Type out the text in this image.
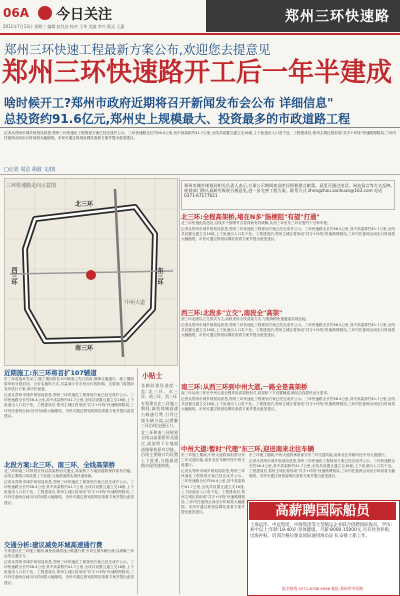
06A 今日关注	郑州三环快速路
2011年7月13日 星期三 编辑 赵其昌 校对 王华 美编 李兴 版式 王惠
郑州三环快速工程最新方案公布,欢迎您去提意见
郑州三环快速路开工后一年半建成
啥时候开工?郑州市政府近期将召开新闻发布会公布 详细信息"
总投资约91.6亿元,郑州史上规模最大、投资最多的市政道路工程
记者从郑州市城乡规划局获悉,郑州三环快速化工程规划方案已经完成并公示。三环快速路全长约56.4公里,其中高架桥约41.7公里,全线共设置互通立交16座,上下匝道出入口若干处。工程建成后,郑州主城区将形成"井字+环线"快速路网格局,三环内任意两点间出行时间将大幅缩短。市民可通过规划局网站查看方案并提出意见建议。
□记者 周洁 胡波 文/图
北三环
东三环
南三环
西三环
中州大道
三环快速路走向示意图	郑州市城乡规划局相关负责人表示,方案公示期间欢迎市民积极建言献策。意见可通过电话、网站留言等方式反映,规划部门将认真研究吸收合理意见,进一步完善工程方案。联系方式 zhengzhou.sanhuan@163.com 电话 0371-67177621

北三环:全程高架桥,堵在N多"肠梗阻"有望"打通"

北三环快速化改造后,沿线多个拥堵节点将得到有效缓解,从西三环至东三环仅需约十分钟车程。

记者从郑州市城乡规划局获悉,郑州三环快速化工程规划方案已经完成并公示。三环快速路全长约56.4公里,其中高架桥约41.7公里,全线共设置互通立交16座,上下匝道出入口若干处。工程建成后,郑州主城区将形成"井字+环线"快速路网格局,三环内任意两点间出行时间将大幅缩短。市民可通过规划局网站查看方案并提出意见建议。

西三环:北段多"立交",南段全"高架"

西三环北段以立交形式为主,南段采用全线高架方式,与陇海路快速通道实现连接。

记者从郑州市城乡规划局获悉,郑州三环快速化工程规划方案已经完成并公示。三环快速路全长约56.4公里,其中高架桥约41.7公里,全线共设置互通立交16座,上下匝道出入口若干处。工程建成后,郑州主城区将形成"井字+环线"快速路网格局,三环内任意两点间出行时间将大幅缩短。市民可通过规划局网站查看方案并提出意见建议。

南三环:从西三环到中州大道,一路全是高架桥

南三环从西三环至中州大道全程采用高架桥形式,高架桥下方设置辅道,满足沿线居民出行需求。

记者从郑州市城乡规划局获悉,郑州三环快速化工程规划方案已经完成并公示。三环快速路全长约56.4公里,其中高架桥约41.7公里,全线共设置互通立交16座,上下匝道出入口若干处。工程建成后,郑州主城区将形成"井字+环线"快速路网格局,三环内任意两点间出行时间将大幅缩短。市民可通过规划局网站查看方案并提出意见建议。

中州大道:暂时"代理"东三环,迎送南来北往车辆

东三环施工期间,中州大道将承担部分东三环交通功能,南来北往车辆可经中州大道通行。

记者从郑州市城乡规划局获悉,郑州三环快速化工程规划方案已经完成并公示。三环快速路全长约56.4公里,其中高架桥约41.7公里,全线共设置互通立交16座,上下匝道出入口若干处。工程建成后,郑州主城区将形成"井字+环线"快速路网格局,三环内任意两点间出行时间将大幅缩短。市民可通过规划局网站查看方案并提出意见建议。

东三环施工期间,中州大道将承担部分东三环交通功能,南来北往车辆可经中州大道通行。

记者从郑州市城乡规划局获悉,郑州三环快速化工程规划方案已经完成并公示。三环快速路全长约56.4公里,其中高架桥约41.7公里,全线共设置互通立交16座,上下匝道出入口若干处。工程建成后,郑州主城区将形成"井字+环线"快速路网格局,三环内任意两点间出行时间将大幅缩短。市民可通过规划局网站查看方案并提出意见建议。

近期施工:东三环将首扩107辅道

东三环改造率先动工,施工期间将在107辅道上先行拓宽,保障交通通行。施工期间将采取分段封闭、分步实施的方式,尽量减少对市民出行的影响。交管部门将提前发布绕行方案,请市民留意。

记者从郑州市城乡规划局获悉,郑州三环快速化工程规划方案已经完成并公示。三环快速路全长约56.4公里,其中高架桥约41.7公里,全线共设置互通立交16座,上下匝道出入口若干处。工程建成后,郑州主城区将形成"井字+环线"快速路网格局,三环内任意两点间出行时间将大幅缩短。市民可通过规划局网站查看方案并提出意见建议。

北段方案:北三环、南三环、全线高架桥

北三环和南三环规划全线以高架桥形式通过,高架桥下方地面道路保持原有功能。沿线主要路口均设置上下匝道,与地面道路实现快速转换。

记者从郑州市城乡规划局获悉,郑州三环快速化工程规划方案已经完成并公示。三环快速路全长约56.4公里,其中高架桥约41.7公里,全线共设置互通立交16座,上下匝道出入口若干处。工程建成后,郑州主城区将形成"井字+环线"快速路网格局,三环内任意两点间出行时间将大幅缩短。市民可通过规划局网站查看方案并提出意见建议。

交通分析:建议减免环城高速通行费

专家建议在三环施工期间,减免绕城高速公路通行费,引导过境车辆分流,以缓解三环沿线交通压力。

记者从郑州市城乡规划局获悉,郑州三环快速化工程规划方案已经完成并公示。三环快速路全长约56.4公里,其中高架桥约41.7公里,全线共设置互通立交16座,上下匝道出入口若干处。工程建成后,郑州主城区将形成"井字+环线"快速路网格局,三环内任意两点间出行时间将大幅缩短。市民可通过规划局网站查看方案并提出意见建议。

小贴士

各路段建设进度一览:北三环、东三环、南三环、西三环

专家建议在三环施工期间,减免绕城高速公路通行费,引导过境车辆分流,以缓解三环沿线交通压力。

北三环和南三环规划全线以高架桥形式通过,高架桥下方地面道路保持原有功能。沿线主要路口均设置上下匝道,与地面道路实现快速转换。

高薪聘国际船员
上海远洋、中远集团、中海集团等大型航运企业联合招聘国际海员。学历:初中以上;年龄:18-40岁;身体健康。月薪:8000-15000元,另有伙食补贴、出海补贴。培训合格后颁发国际通用海员证书,安排上船工作。
报名热线 0371-6788 6988 地址:郑州市中原路
